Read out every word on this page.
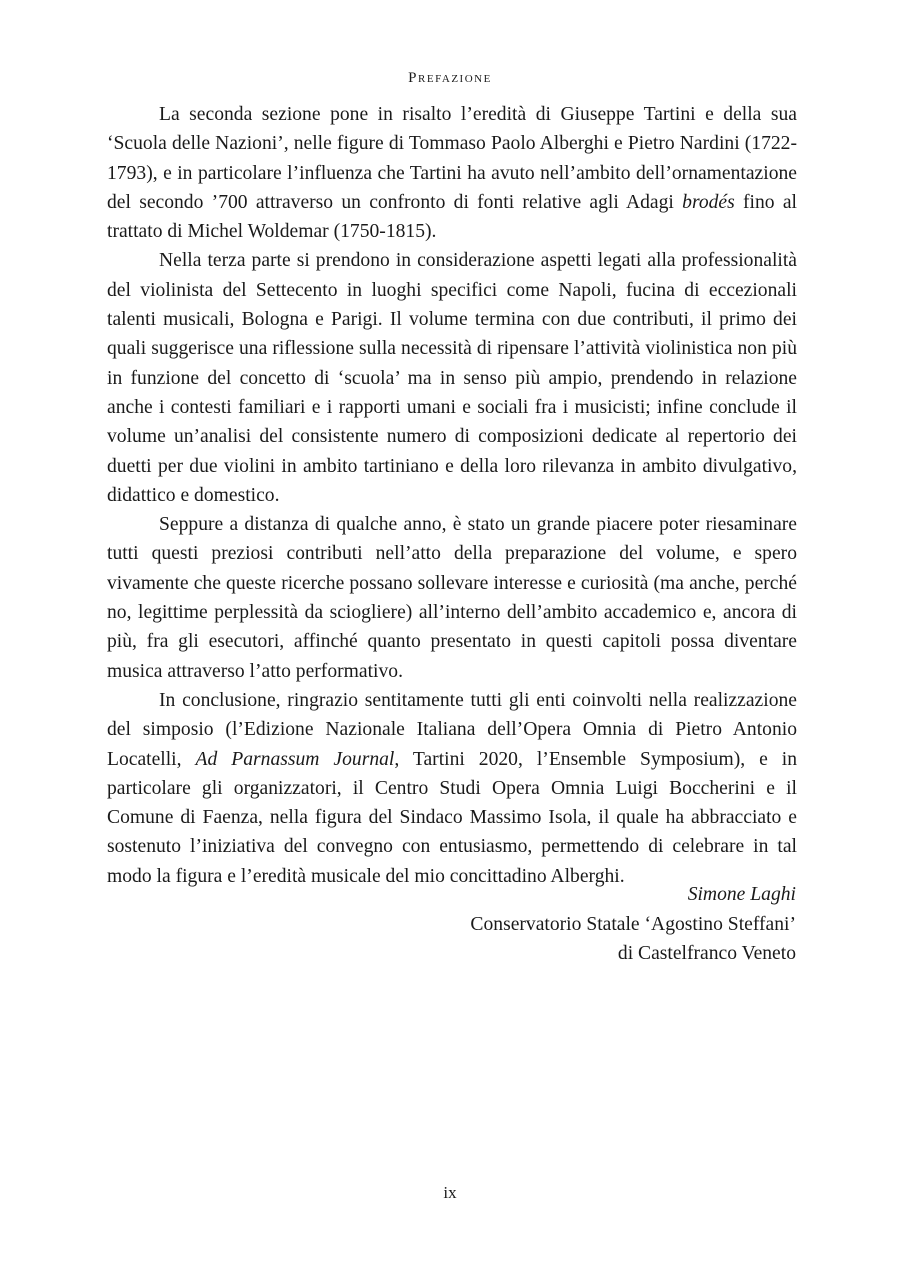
Prefazione

La seconda sezione pone in risalto l’eredità di Giuseppe Tartini e della sua ‘Scuola delle Nazioni’, nelle figure di Tommaso Paolo Alberghi e Pietro Nardini (1722-1793), e in particolare l’influenza che Tartini ha avuto nell’ambito dell’ornamentazione del secondo ’700 attraverso un confronto di fonti relative agli Adagi brodés fino al trattato di Michel Woldemar (1750-1815).

Nella terza parte si prendono in considerazione aspetti legati alla professionalità del violinista del Settecento in luoghi specifici come Napoli, fucina di eccezionali talenti musicali, Bologna e Parigi. Il volume termina con due contributi, il primo dei quali suggerisce una riflessione sulla necessità di ripensare l’attività violinistica non più in funzione del concetto di ‘scuola’ ma in senso più ampio, prendendo in relazione anche i contesti familiari e i rapporti umani e sociali fra i musicisti; infine conclude il volume un’analisi del consistente numero di composizioni dedicate al repertorio dei duetti per due violini in ambito tartiniano e della loro rilevanza in ambito divulgativo, didattico e domestico.

Seppure a distanza di qualche anno, è stato un grande piacere poter riesaminare tutti questi preziosi contributi nell’atto della preparazione del volume, e spero vivamente che queste ricerche possano sollevare interesse e curiosità (ma anche, perché no, legittime perplessità da sciogliere) all’interno dell’ambito accademico e, ancora di più, fra gli esecutori, affinché quanto presentato in questi capitoli possa diventare musica attraverso l’atto performativo.

In conclusione, ringrazio sentitamente tutti gli enti coinvolti nella realizzazione del simposio (l’Edizione Nazionale Italiana dell’Opera Omnia di Pietro Antonio Locatelli, Ad Parnassum Journal, Tartini 2020, l’Ensemble Symposium), e in particolare gli organizzatori, il Centro Studi Opera Omnia Luigi Boccherini e il Comune di Faenza, nella figura del Sindaco Massimo Isola, il quale ha abbracciato e sostenuto l’iniziativa del convegno con entusiasmo, permettendo di celebrare in tal modo la figura e l’eredità musicale del mio concittadino Alberghi.

Simone Laghi
Conservatorio Statale ‘Agostino Steffani’
di Castelfranco Veneto
ix
